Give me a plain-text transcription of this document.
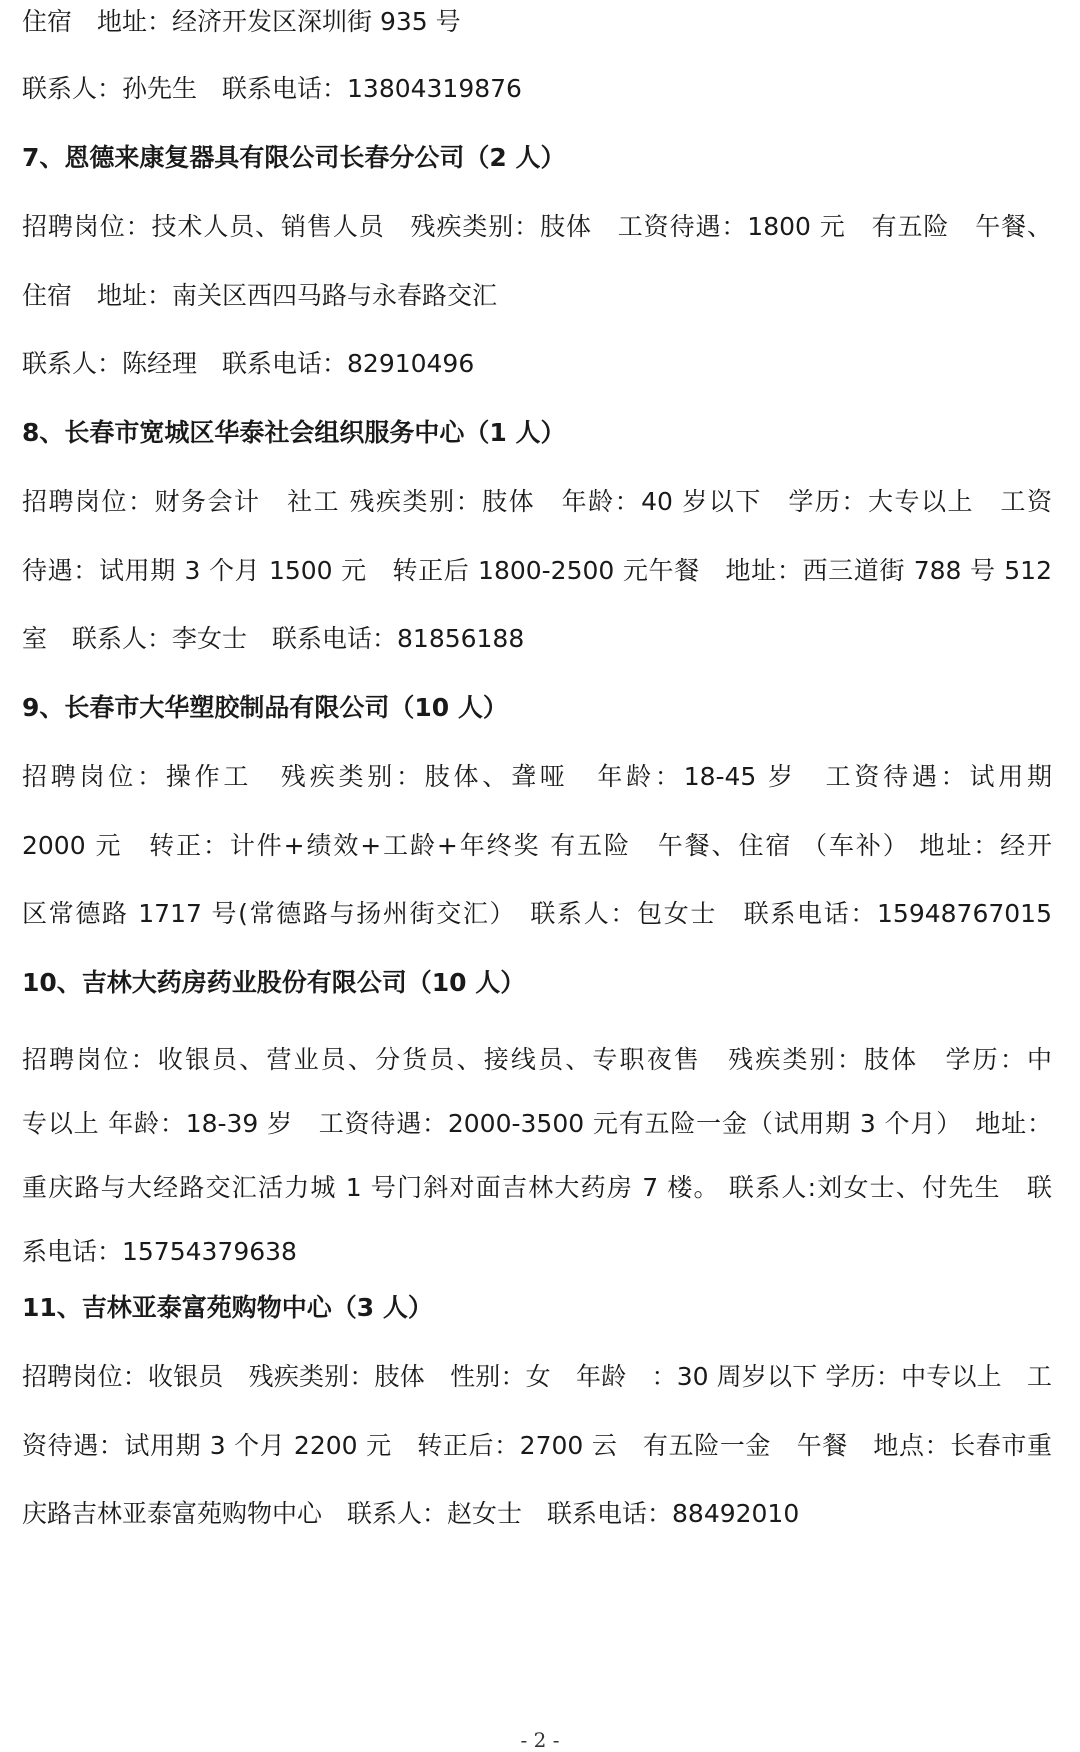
住宿　地址：经济开发区深圳街 935 号
联系人：孙先生　联系电话：13804319876
7、恩德来康复器具有限公司长春分公司（2 人）
招聘岗位：技术人员、销售人员　残疾类别：肢体　工资待遇：1800 元　有五险　午餐、
住宿　地址：南关区西四马路与永春路交汇
联系人：陈经理　联系电话：82910496
8、长春市宽城区华泰社会组织服务中心（1 人）
招聘岗位：财务会计　社工 残疾类别：肢体　年龄：40 岁以下　学历：大专以上　工资
待遇：试用期 3 个月 1500 元　转正后 1800-2500 元午餐　地址：西三道街 788 号 512
室　联系人：李女士　联系电话：81856188
9、长春市大华塑胶制品有限公司（10 人）
招聘岗位：操作工　残疾类别：肢体、聋哑　年龄：18-45 岁　工资待遇：试用期
2000 元　转正：计件+绩效+工龄+年终奖 有五险　午餐、住宿 （车补） 地址：经开
区常德路 1717 号(常德路与扬州街交汇）　联系人：包女士　联系电话：15948767015
10、吉林大药房药业股份有限公司（10 人）
招聘岗位：收银员、营业员、分货员、接线员、专职夜售　残疾类别：肢体　学历：中
专以上 年龄：18-39 岁　工资待遇：2000-3500 元有五险一金（试用期 3 个月）　地址：
重庆路与大经路交汇活力城 1 号门斜对面吉林大药房 7 楼。 联系人:刘女士、付先生　联
系电话：15754379638
11、吉林亚泰富苑购物中心（3 人）
招聘岗位：收银员　残疾类别：肢体　性别：女　年龄　：30 周岁以下 学历：中专以上　工
资待遇：试用期 3 个月 2200 元　转正后：2700 云　有五险一金　午餐　地点：长春市重
庆路吉林亚泰富苑购物中心　联系人：赵女士　联系电话：88492010
- 2 -
